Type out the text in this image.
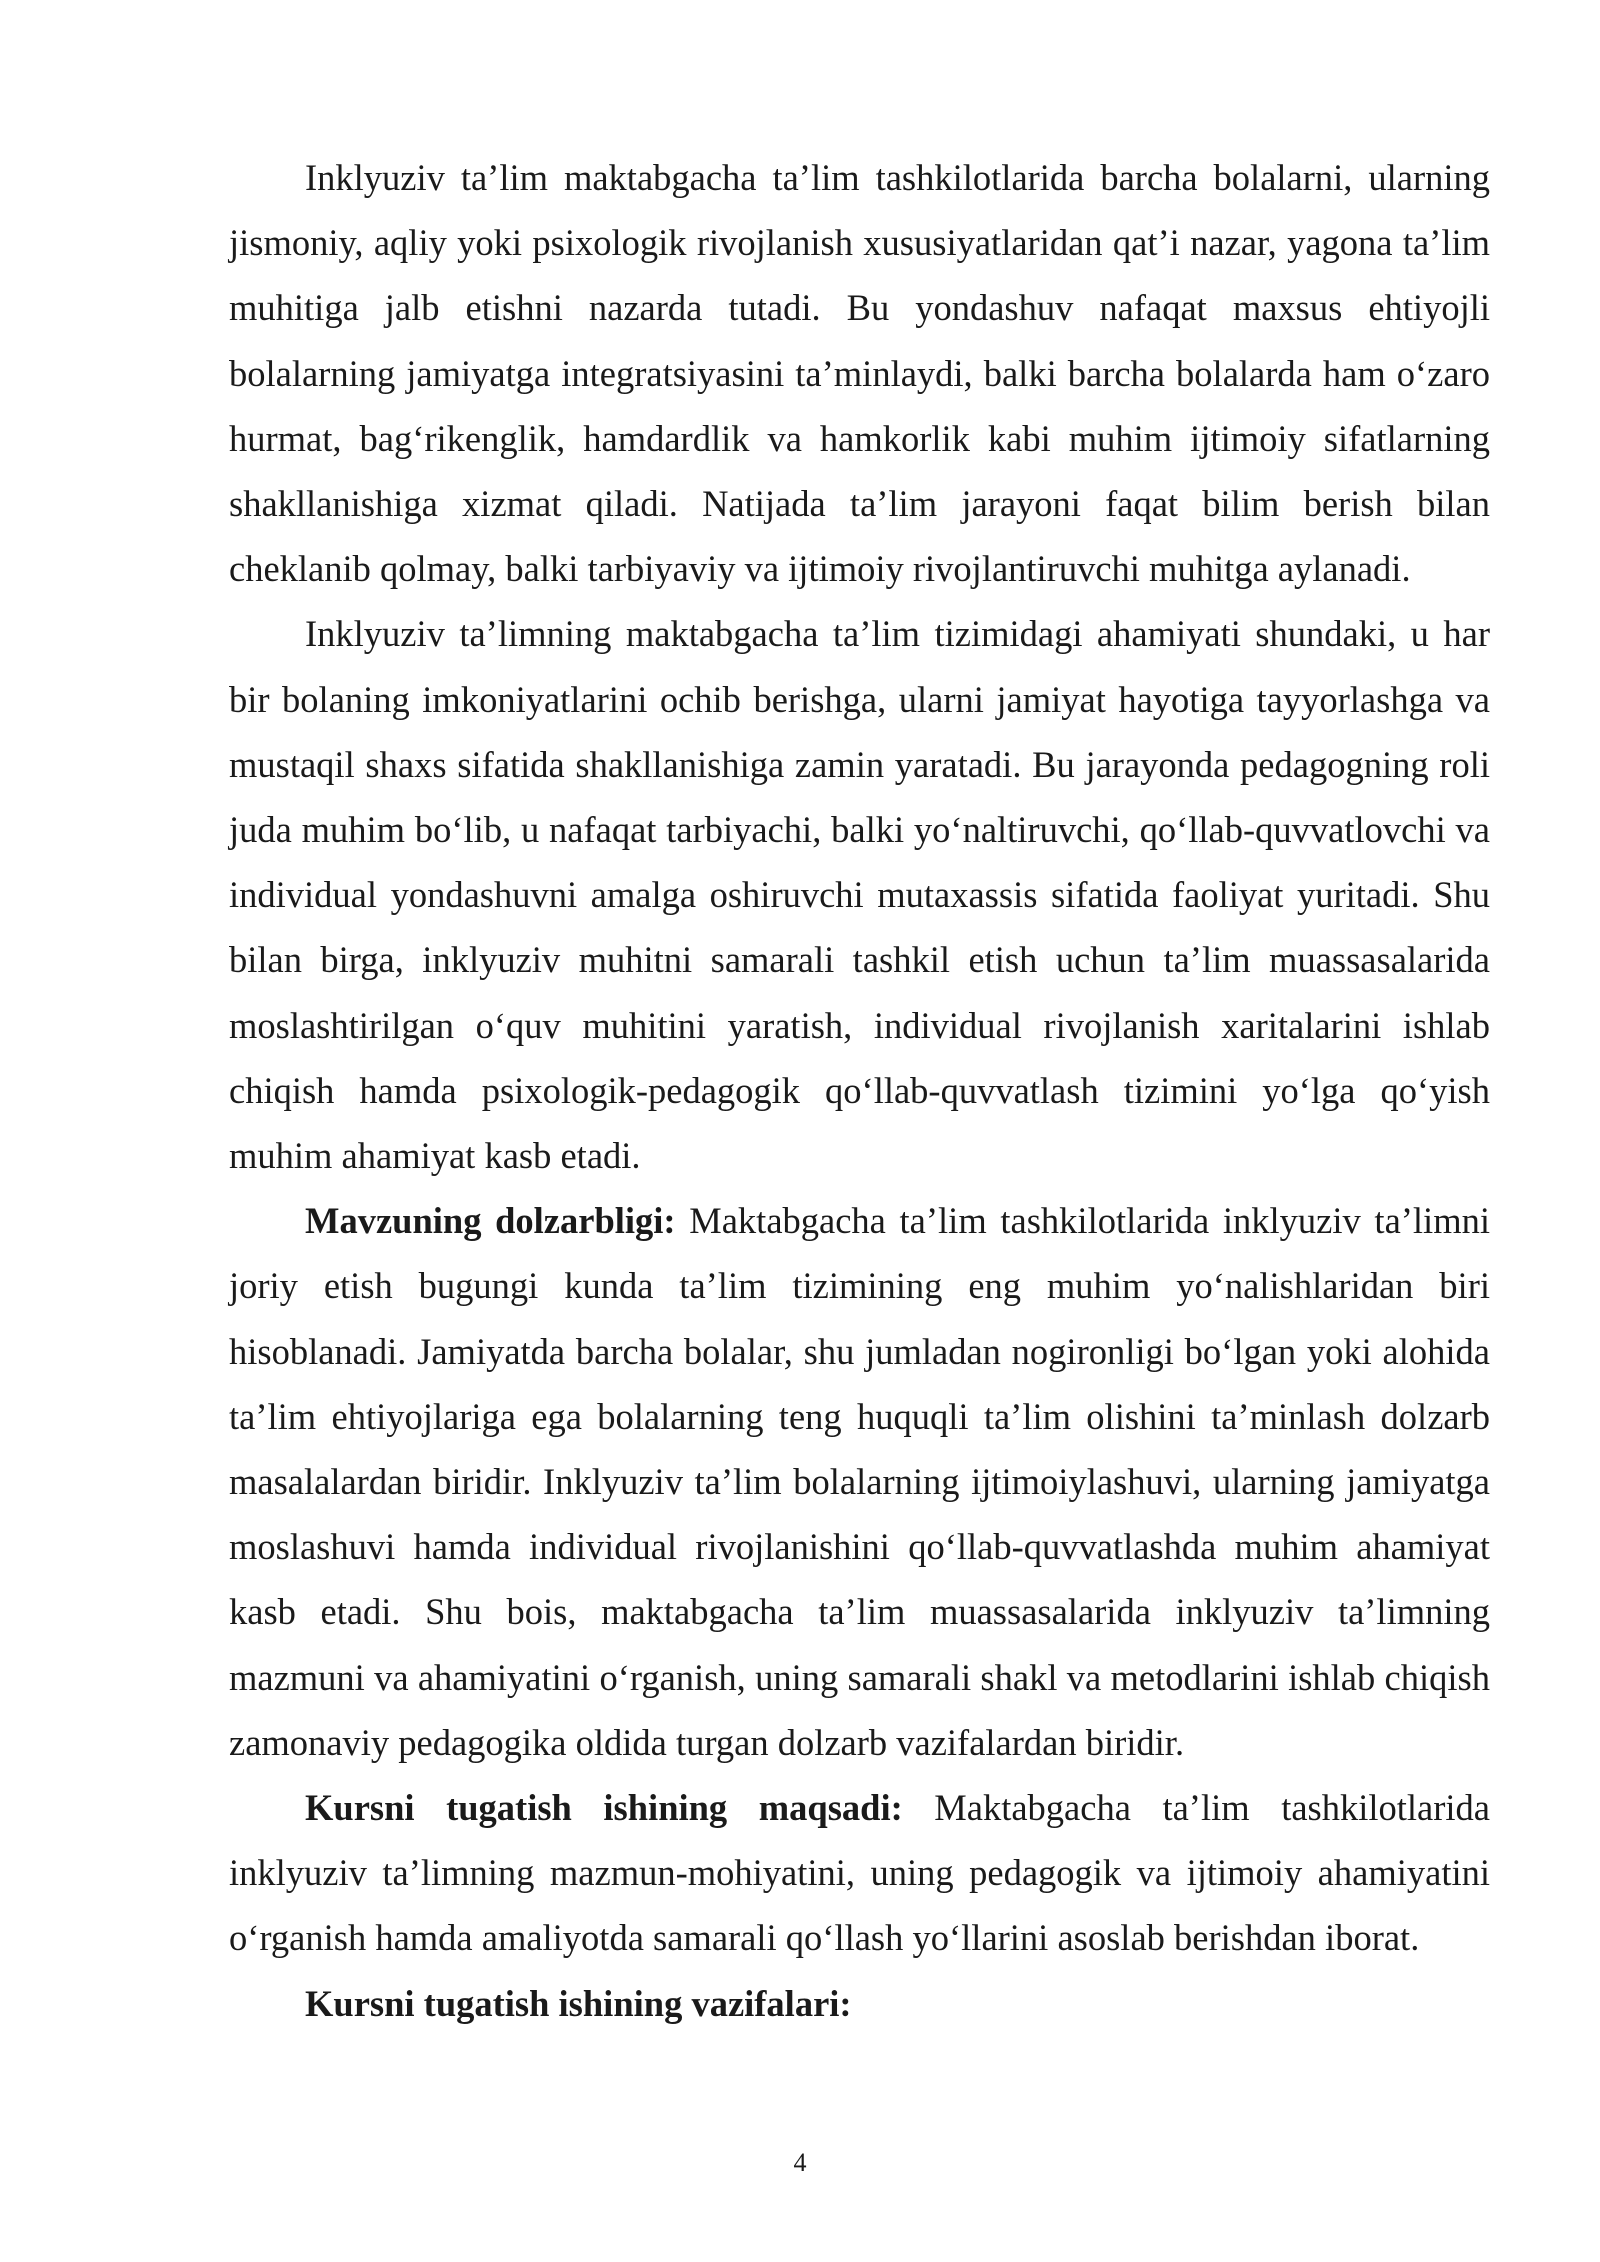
Inklyuziv ta’lim maktabgacha ta’lim tashkilotlarida barcha bolalarni, ularning jismoniy, aqliy yoki psixologik rivojlanish xususiyatlaridan qat’i nazar, yagona ta’lim muhitiga jalb etishni nazarda tutadi. Bu yondashuv nafaqat maxsus ehtiyojli bolalarning jamiyatga integratsiyasini ta’minlaydi, balki barcha bolalarda ham o‘zaro hurmat, bag‘rikenglik, hamdardlik va hamkorlik kabi muhim ijtimoiy sifatlarning shakllanishiga xizmat qiladi. Natijada ta’lim jarayoni faqat bilim berish bilan cheklanib qolmay, balki tarbiyaviy va ijtimoiy rivojlantiruvchi muhitga aylanadi.

Inklyuziv ta’limning maktabgacha ta’lim tizimidagi ahamiyati shundaki, u har bir bolaning imkoniyatlarini ochib berishga, ularni jamiyat hayotiga tayyorlashga va mustaqil shaxs sifatida shakllanishiga zamin yaratadi. Bu jarayonda pedagogning roli juda muhim bo‘lib, u nafaqat tarbiyachi, balki yo‘naltiruvchi, qo‘llab-quvvatlovchi va individual yondashuvni amalga oshiruvchi mutaxassis sifatida faoliyat yuritadi. Shu bilan birga, inklyuziv muhitni samarali tashkil etish uchun ta’lim muassasalarida moslashtirilgan o‘quv muhitini yaratish, individual rivojlanish xaritalarini ishlab chiqish hamda psixologik-pedagogik qo‘llab-quvvatlash tizimini yo‘lga qo‘yish muhim ahamiyat kasb etadi.

Mavzuning dolzarbligi: Maktabgacha ta’lim tashkilotlarida inklyuziv ta’limni joriy etish bugungi kunda ta’lim tizimining eng muhim yo‘nalishlaridan biri hisoblanadi. Jamiyatda barcha bolalar, shu jumladan nogironligi bo‘lgan yoki alohida ta’lim ehtiyojlariga ega bolalarning teng huquqli ta’lim olishini ta’minlash dolzarb masalalardan biridir. Inklyuziv ta’lim bolalarning ijtimoiylashuvi, ularning jamiyatga moslashuvi hamda individual rivojlanishini qo‘llab-quvvatlashda muhim ahamiyat kasb etadi. Shu bois, maktabgacha ta’lim muassasalarida inklyuziv ta’limning mazmuni va ahamiyatini o‘rganish, uning samarali shakl va metodlarini ishlab chiqish zamonaviy pedagogika oldida turgan dolzarb vazifalardan biridir.

Kursni tugatish ishining maqsadi: Maktabgacha ta’lim tashkilotlarida inklyuziv ta’limning mazmun-mohiyatini, uning pedagogik va ijtimoiy ahamiyatini o‘rganish hamda amaliyotda samarali qo‘llash yo‘llarini asoslab berishdan iborat.

Kursni tugatish ishining vazifalari:

4
